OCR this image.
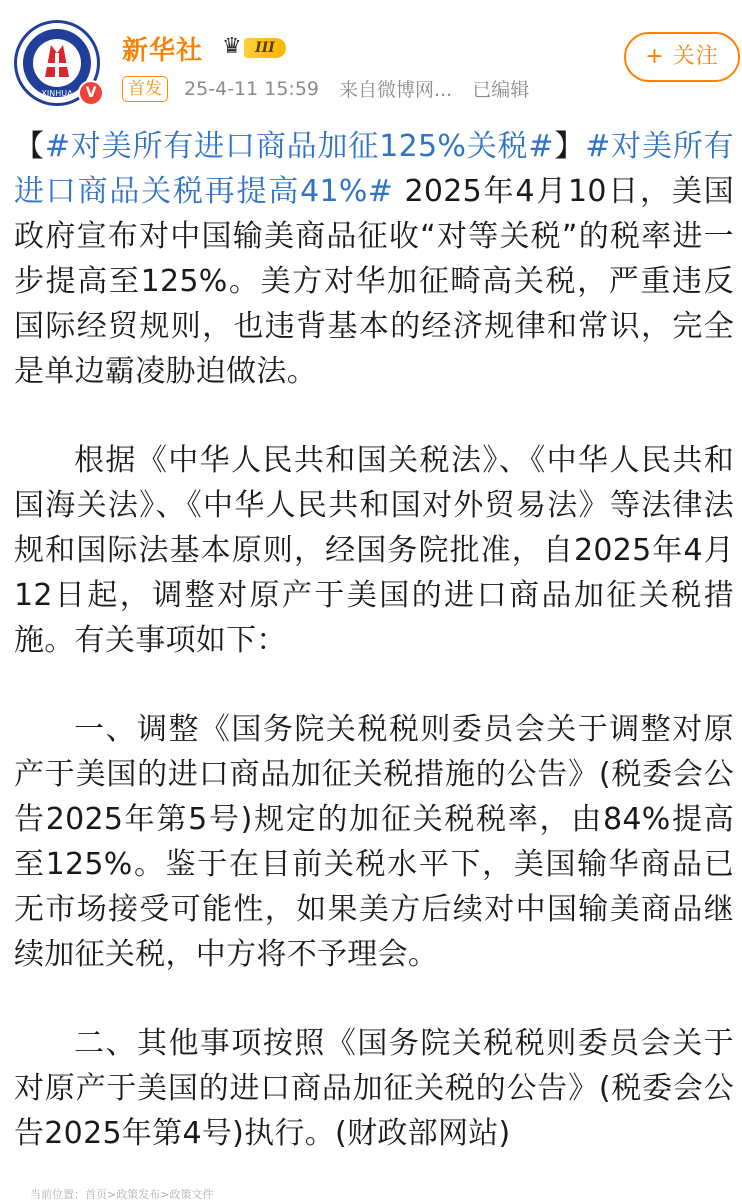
XINHUA V
新华社 ♛ III
首发 25-4-11 15:59 来自微博网... 已编辑
+ 关注

【#对美所有进口商品加征125%关税#】#对美所有进口商品关税再提高41%# 2025年4月10日，美国政府宣布对中国输美商品征收“对等关税”的税率进一步提高至125%。美方对华加征畸高关税，严重违反国际经贸规则，也违背基本的经济规律和常识，完全是单边霸凌胁迫做法。

根据《中华人民共和国关税法》、《中华人民共和国海关法》、《中华人民共和国对外贸易法》等法律法规和国际法基本原则，经国务院批准，自2025年4月12日起，调整对原产于美国的进口商品加征关税措施。有关事项如下：

一、调整《国务院关税税则委员会关于调整对原产于美国的进口商品加征关税措施的公告》(税委会公告2025年第5号)规定的加征关税税率，由84%提高至125%。鉴于在目前关税水平下，美国输华商品已无市场接受可能性，如果美方后续对中国输美商品继续加征关税，中方将不予理会。

二、其他事项按照《国务院关税税则委员会关于对原产于美国的进口商品加征关税的公告》(税委会公告2025年第4号)执行。(财政部网站)

当前位置：首页>政策发布>政策文件
